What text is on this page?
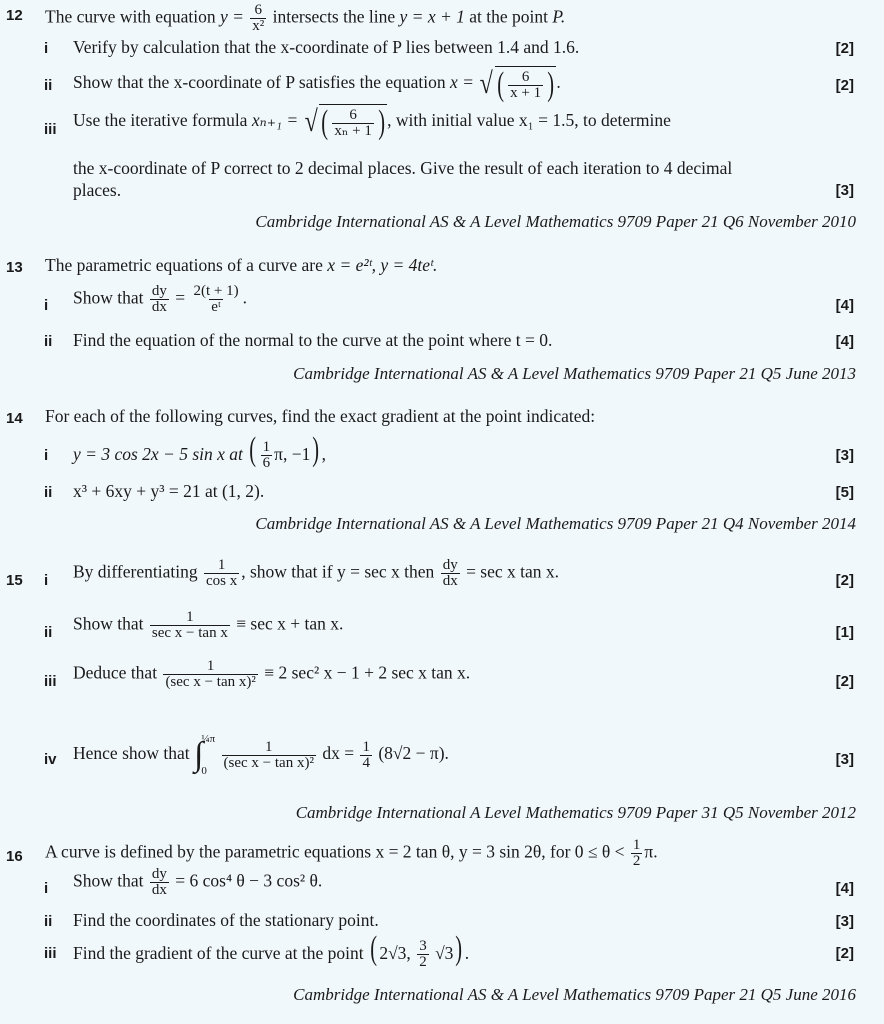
12 The curve with equation $y = \frac{6}{\text{x²}}$ intersects the line y = x + 1 at the point P.
i Verify by calculation that the x-coordinate of P lies between 1.4 and 1.6.	[2]
ii Show that the x-coordinate of P satisfies the equation x = √ ( $\frac{6}{x + 1}$ ) .	[2]
iii Use the iterative formula xₙ₊₁ = √ ( $\frac{6}{\text{xₙ + 1}}$ ) , with initial value x₁ = 1.5, to determine
the x-coordinate of P correct to 2 decimal places. Give the result of each iteration to 4 decimal
places.	[3]
Cambridge International AS & A Level Mathematics 9709 Paper 21 Q6 November 2010
13 The parametric equations of a curve are x = e²ᵗ, y = 4teᵗ.
i Show that $\frac{dy}{dx} = \frac{2(t + 1)}{\text{eᵗ}}$ .	[4]
ii Find the equation of the normal to the curve at the point where t = 0.	[4]
Cambridge International AS & A Level Mathematics 9709 Paper 21 Q5 June 2013
14 For each of the following curves, find the exact gradient at the point indicated:
i y = 3 cos 2x − 5 sin x at ( $\frac{1}{6} \pi$, −1) ,	[3]
ii x³ + 6xy + y³ = 21 at (1, 2).	[5]
Cambridge International AS & A Level Mathematics 9709 Paper 21 Q4 November 2014
15 i By differentiating $\frac{1}{\text{cos x}}$ , show that if y = sec x then $\frac{dy}{dx} = \sec x$ tan x.	[2]
ii Show that $\frac{1}{\text{sec x − tan x}} \equiv \sec x + \tan x$.	[1]
iii Deduce that $\frac{1}{\text{(sec x − tan x)²}} \equiv 2$ sec² x − 1 + 2 sec x tan x.	[2]
iv Hence show that ∫
¼π
0

$\frac{1}{\text{(sec x − tan x)²}}$ dx = $\frac{1}{4} (8√2 - \pi)$.	[3]
Cambridge International A Level Mathematics 9709 Paper 31 Q5 November 2012
16 A curve is defined by the parametric equations x = 2 tan θ, y = 3 sin 2θ, for $0 \le \theta < \frac{1}{2} \pi$.
i Show that $\frac{dy}{dx} = 6$ cos⁴ θ − 3 cos² θ.	[4]
ii Find the coordinates of the stationary point.	[3]
iii Find the gradient of the curve at the point ( 2√3, $\frac{3}{2} √3$) .	[2]
Cambridge International AS & A Level Mathematics 9709 Paper 21 Q5 June 2016
